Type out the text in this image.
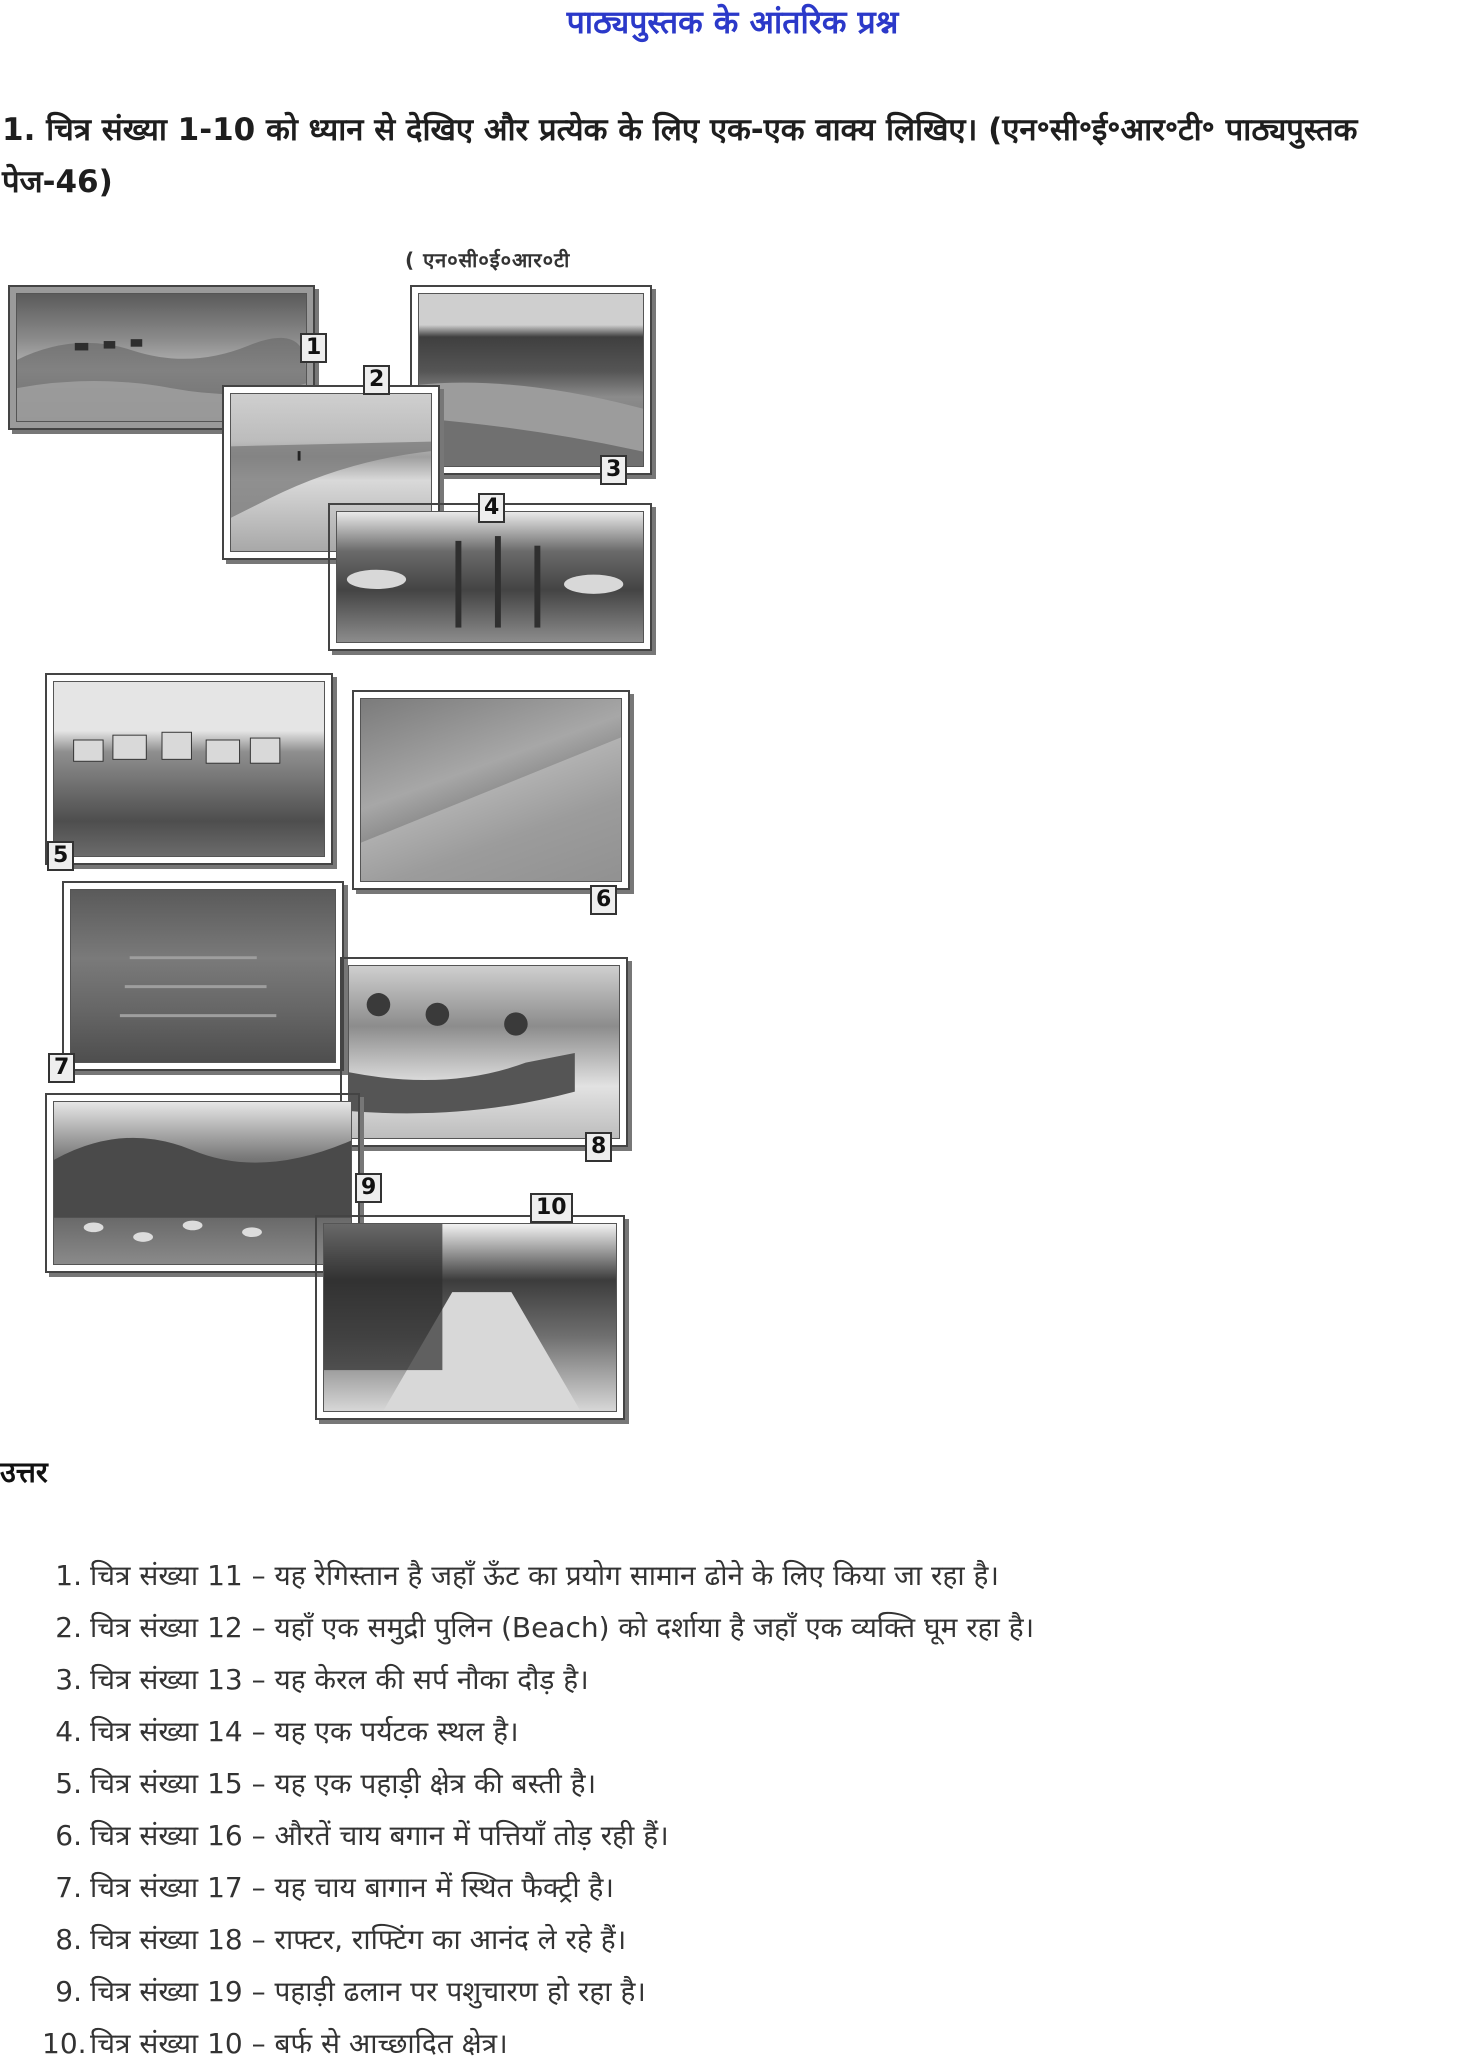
पाठ्यपुस्तक के आंतरिक प्रश्न

1. चित्र संख्या 1-10 को ध्यान से देखिए और प्रत्येक के लिए एक-एक वाक्य लिखिए। (एन॰सी॰ई॰आर॰टी॰ पाठ्यपुस्तक पेज-46)

( एन०सी०ई०आर०टी
1
3
2
4
5
6
7
8
9
10
उत्तर
1. चित्र संख्या 11 – यह रेगिस्तान है जहाँ ऊँट का प्रयोग सामान ढोने के लिए किया जा रहा है।
2. चित्र संख्या 12 – यहाँ एक समुद्री पुलिन (Beach) को दर्शाया है जहाँ एक व्यक्ति घूम रहा है।
3. चित्र संख्या 13 – यह केरल की सर्प नौका दौड़ है।
4. चित्र संख्या 14 – यह एक पर्यटक स्थल है।
5. चित्र संख्या 15 – यह एक पहाड़ी क्षेत्र की बस्ती है।
6. चित्र संख्या 16 – औरतें चाय बगान में पत्तियाँ तोड़ रही हैं।
7. चित्र संख्या 17 – यह चाय बागान में स्थित फैक्ट्री है।
8. चित्र संख्या 18 – राफ्टर, राफ्टिंग का आनंद ले रहे हैं।
9. चित्र संख्या 19 – पहाड़ी ढलान पर पशुचारण हो रहा है।
10. चित्र संख्या 10 – बर्फ से आच्छादित क्षेत्र।
